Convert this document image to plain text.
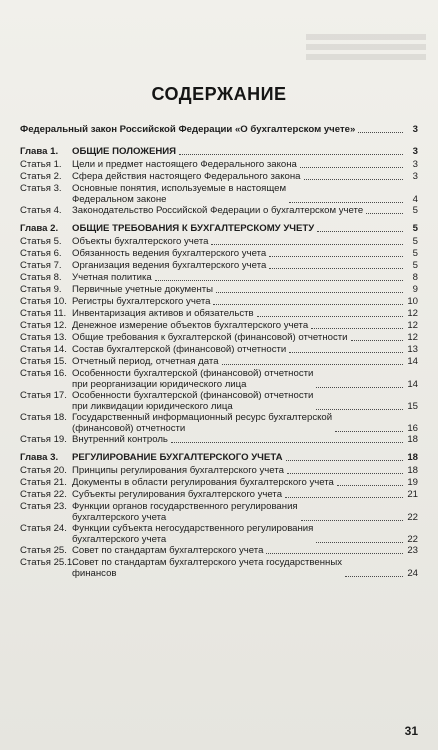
СОДЕРЖАНИЕ
Федеральный закон Российской Федерации «О бухгалтерском учете»	3
Глава 1.	ОБЩИЕ ПОЛОЖЕНИЯ	3
Статья 1.	Цели и предмет настоящего Федерального закона	3
Статья 2.	Сфера действия настоящего Федерального закона	3
Статья 3.	Основные понятия, используемые в настоящем
Федеральном законе	4
Статья 4.	Законодательство Российской Федерации о бухгалтерском учете	5
Глава 2.	ОБЩИЕ ТРЕБОВАНИЯ К БУХГАЛТЕРСКОМУ УЧЕТУ	5
Статья 5.	Объекты бухгалтерского учета	5
Статья 6.	Обязанность ведения бухгалтерского учета	5
Статья 7.	Организация ведения бухгалтерского учета	5
Статья 8.	Учетная политика	8
Статья 9.	Первичные учетные документы	9
Статья 10. Регистры бухгалтерского учета	10
Статья 11. Инвентаризация активов и обязательств	12
Статья 12. Денежное измерение объектов бухгалтерского учета	12
Статья 13. Общие требования к бухгалтерской (финансовой) отчетности	12
Статья 14. Состав бухгалтерской (финансовой) отчетности	13
Статья 15. Отчетный период, отчетная дата	14
Статья 16. Особенности бухгалтерской (финансовой) отчетности
при реорганизации юридического лица	14
Статья 17. Особенности бухгалтерской (финансовой) отчетности
при ликвидации юридического лица	15
Статья 18. Государственный информационный ресурс бухгалтерской
(финансовой) отчетности	16
Статья 19. Внутренний контроль	18
Глава 3.	РЕГУЛИРОВАНИЕ БУХГАЛТЕРСКОГО УЧЕТА	18
Статья 20. Принципы регулирования бухгалтерского учета	18
Статья 21. Документы в области регулирования бухгалтерского учета	19
Статья 22. Субъекты регулирования бухгалтерского учета	21
Статья 23. Функции органов государственного регулирования
бухгалтерского учета	22
Статья 24. Функции субъекта негосударственного регулирования
бухгалтерского учета	22
Статья 25. Совет по стандартам бухгалтерского учета	23
Статья 25.1.
Совет по стандартам бухгалтерского учета государственных
финансов	24
31
